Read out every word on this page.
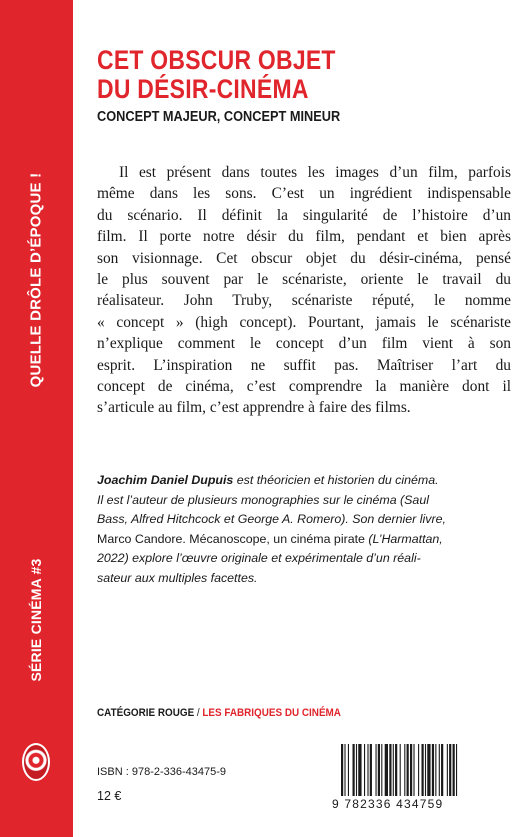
QUELLE DRÔLE D’ÉPOQUE !
SÉRIE CINÉMA #3
CET OBSCUR OBJET
DU DÉSIR-CINÉMA
CONCEPT MAJEUR, CONCEPT MINEUR
Il est présent dans toutes les images d’un film, parfois
même dans les sons. C’est un ingrédient indispensable
du scénario. Il définit la singularité de l’histoire d’un
film. Il porte notre désir du film, pendant et bien après
son visionnage. Cet obscur objet du désir-cinéma, pensé
le plus souvent par le scénariste, oriente le travail du
réalisateur. John Truby, scénariste réputé, le nomme
« concept » (high concept). Pourtant, jamais le scénariste
n’explique comment le concept d’un film vient à son
esprit. L’inspiration ne suffit pas. Maîtriser l’art du
concept de cinéma, c’est comprendre la manière dont il
s’articule au film, c’est apprendre à faire des films.
Joachim Daniel Dupuis est théoricien et historien du cinéma.
Il est l’auteur de plusieurs monographies sur le cinéma (Saul
Bass, Alfred Hitchcock et George A. Romero). Son dernier livre,
Marco Candore. Mécanoscope, un cinéma pirate (L’Harmattan,
2022) explore l’œuvre originale et expérimentale d’un réali-
sateur aux multiples facettes.
CATÉGORIE ROUGE / LES FABRIQUES DU CINÉMA
ISBN : 978-2-336-43475-9
12 €
9 782336 434759
